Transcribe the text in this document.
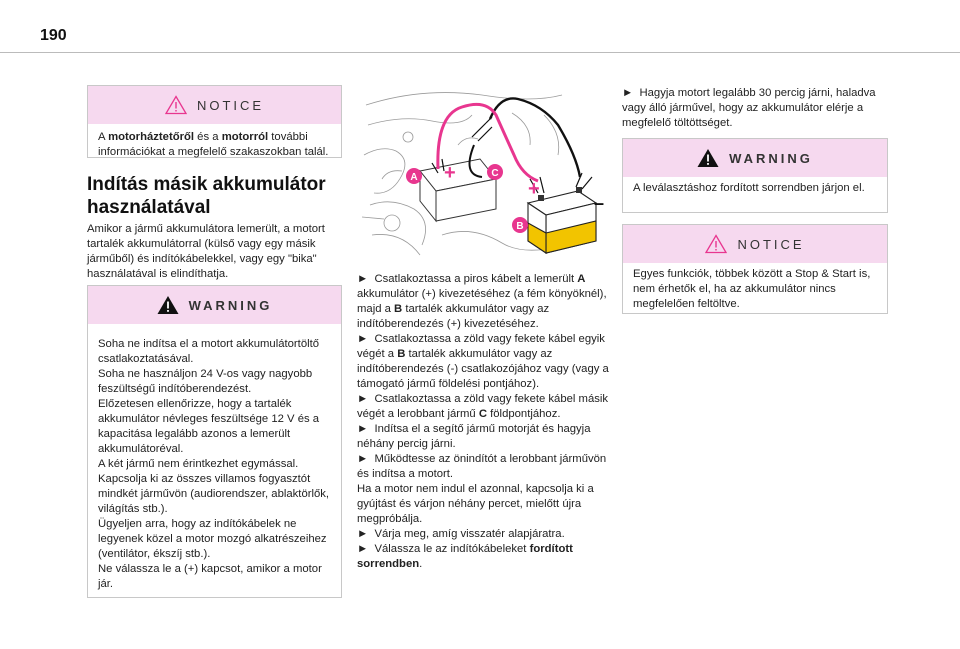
190
NOTICE

A motorháztetőről és a motorról további információkat a megfelelő szakaszokban talál.

Indítás másik akkumulátor használatával

Amikor a jármű akkumulátora lemerült, a motort tartalék akkumulátorral (külső vagy egy másik járműből) és indítókábelekkel, vagy egy "bika" használatával is elindíthatja.

WARNING

Soha ne indítsa el a motort akkumulátortöltő csatlakoztatásával.

Soha ne használjon 24 V-os vagy nagyobb feszültségű indítóberendezést.

Előzetesen ellenőrizze, hogy a tartalék akkumulátor névleges feszültsége 12 V és a kapacitása legalább azonos a lemerült akkumulátoréval.

A két jármű nem érintkezhet egymással.

Kapcsolja ki az összes villamos fogyasztót mindkét járművön (audiorendszer, ablaktörlők, világítás stb.).

Ügyeljen arra, hogy az indítókábelek ne legyenek közel a motor mozgó alkatrészeihez (ventilátor, ékszíj stb.).

Ne válassza le a (+) kapcsot, amikor a motor jár.

+
+
–
A	C
B

► Csatlakoztassa a piros kábelt a lemerült A akkumulátor (+) kivezetéséhez (a fém könyöknél), majd a B tartalék akkumulátor vagy az indítóberendezés (+) kivezetéséhez.

► Csatlakoztassa a zöld vagy fekete kábel egyik végét a B tartalék akkumulátor vagy az indítóberendezés (-) csatlakozójához vagy (vagy a támogató jármű földelési pontjához).

► Csatlakoztassa a zöld vagy fekete kábel másik végét a lerobbant jármű C földpontjához.

► Indítsa el a segítő jármű motorját és hagyja néhány percig járni.

► Működtesse az önindítót a lerobbant járművön és indítsa a motort.

Ha a motor nem indul el azonnal, kapcsolja ki a gyújtást és várjon néhány percet, mielőtt újra megpróbálja.

► Várja meg, amíg visszatér alapjáratra.

► Válassza le az indítókábeleket fordított sorrendben.

► Hagyja motort legalább 30 percig járni, haladva vagy álló járművel, hogy az akkumulátor elérje a megfelelő töltöttséget.

WARNING

A leválasztáshoz fordított sorrendben járjon el.

NOTICE

Egyes funkciók, többek között a Stop & Start is, nem érhetők el, ha az akkumulátor nincs megfelelően feltöltve.
